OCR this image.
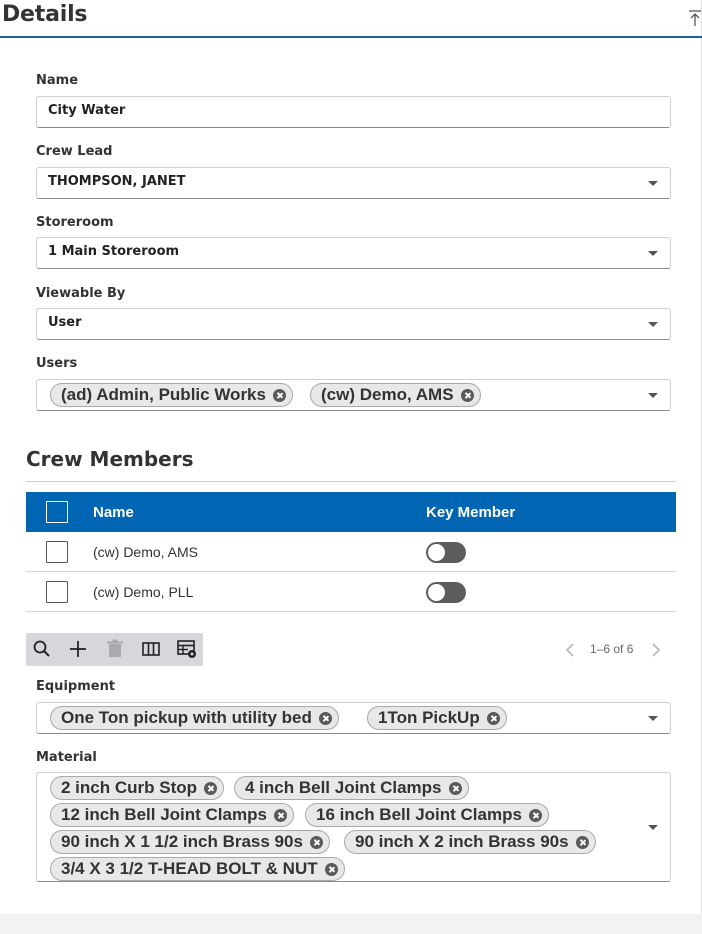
Details
Name
City Water
Crew Lead
THOMPSON, JANET
Storeroom
1 Main Storeroom
Viewable By
User
Users
(ad) Admin, Public Works	(cw) Demo, AMS
Crew Members
Name	Key Member
(cw) Demo, AMS
(cw) Demo, PLL
1–6 of 6
Equipment
One Ton pickup with utility bed	1Ton PickUp
Material
2 inch Curb Stop	4 inch Bell Joint Clamps
12 inch Bell Joint Clamps	16 inch Bell Joint Clamps
90 inch X 1 1/2 inch Brass 90s	90 inch X 2 inch Brass 90s
3/4 X 3 1/2 T-HEAD BOLT & NUT
